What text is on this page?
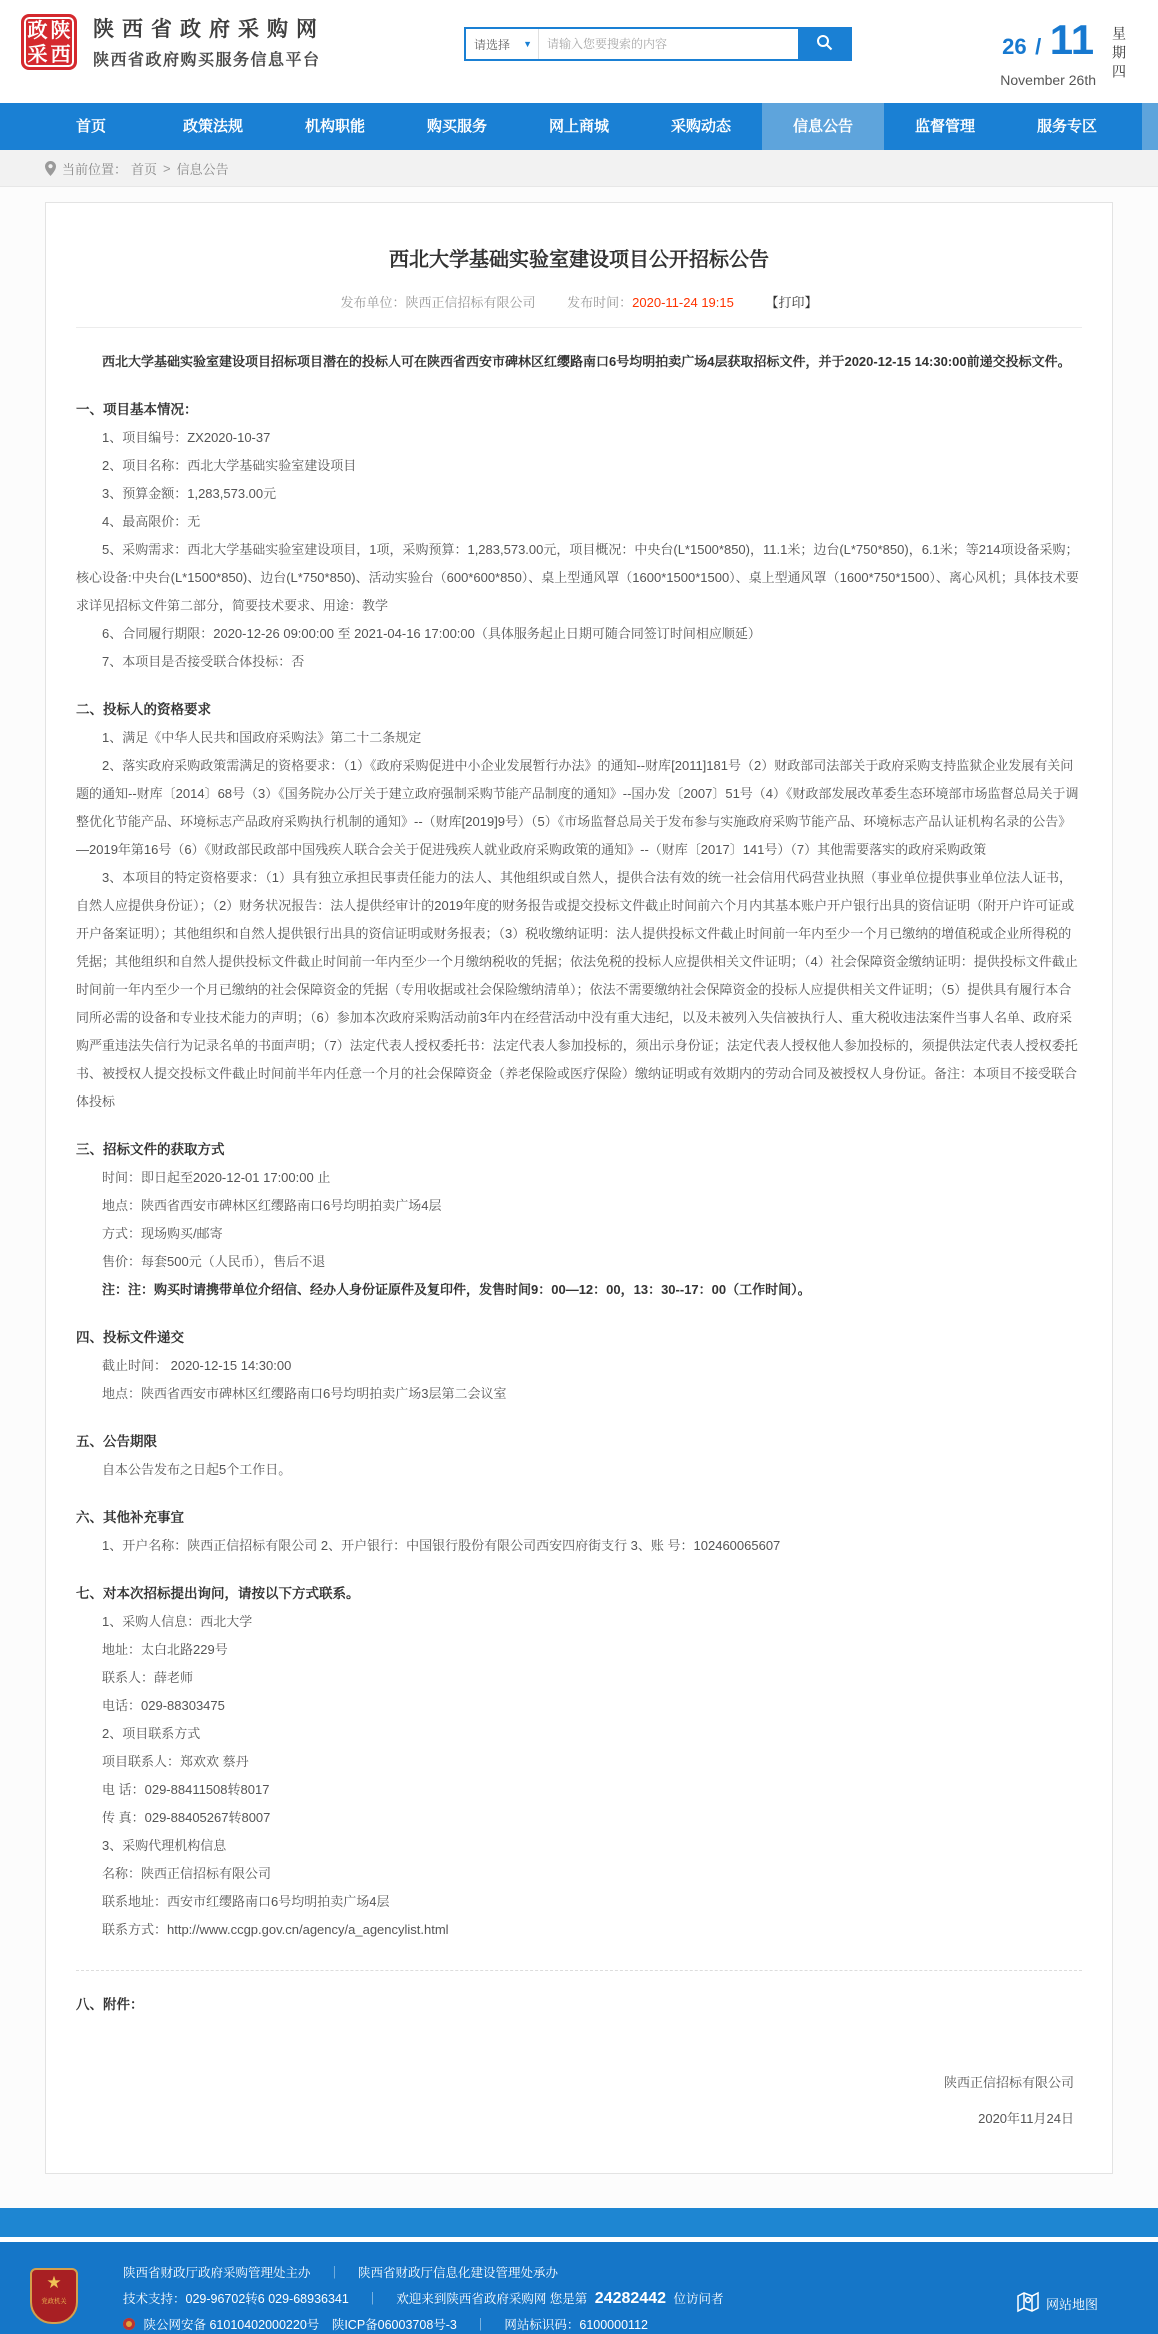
政 陕
采 西
陕西省政府采购网
陕西省政府购买服务信息平台
请选择 ▼
请输入您要搜索的内容	26 / 11
November 26th 星期四
首页	政策法规	机构职能	购买服务	网上商城	采购动态	信息公告	监督管理	服务专区
当前位置： 首页 > 信息公告
西北大学基础实验室建设项目公开招标公告
发布单位：陕西正信招标有限公司 发布时间：2020-11-24 19:15 【打印】

西北大学基础实验室建设项目招标项目潜在的投标人可在陕西省西安市碑林区红缨路南口6号均明拍卖广场4层获取招标文件，并于2020-12-15 14:30:00前递交投标文件。

一、项目基本情况：

1、项目编号：ZX2020-10-37

2、项目名称：西北大学基础实验室建设项目

3、预算金额：1,283,573.00元

4、最高限价：无

5、采购需求：西北大学基础实验室建设项目，1项，采购预算：1,283,573.00元，项目概况：中央台(L*1500*850)，11.1米；边台(L*750*850)，6.1米；等214项设备采购；核心设备:中央台(L*1500*850)、边台(L*750*850)、活动实验台（600*600*850）、桌上型通风罩（1600*1500*1500）、桌上型通风罩（1600*750*1500）、离心风机；具体技术要求详见招标文件第二部分，简要技术要求、用途：教学

6、合同履行期限：2020-12-26 09:00:00 至 2021-04-16 17:00:00（具体服务起止日期可随合同签订时间相应顺延）

7、本项目是否接受联合体投标：否

二、投标人的资格要求

1、满足《中华人民共和国政府采购法》第二十二条规定

2、落实政府采购政策需满足的资格要求：（1）《政府采购促进中小企业发展暂行办法》的通知--财库[2011]181号（2）财政部司法部关于政府采购支持监狱企业发展有关问题的通知--财库〔2014〕68号（3）《国务院办公厅关于建立政府强制采购节能产品制度的通知》--国办发〔2007〕51号（4）《财政部发展改革委生态环境部市场监督总局关于调整优化节能产品、环境标志产品政府采购执行机制的通知》--（财库[2019]9号）（5）《市场监督总局关于发布参与实施政府采购节能产品、环境标志产品认证机构名录的公告》—2019年第16号（6）《财政部民政部中国残疾人联合会关于促进残疾人就业政府采购政策的通知》--（财库〔2017〕141号）（7）其他需要落实的政府采购政策

3、本项目的特定资格要求：（1）具有独立承担民事责任能力的法人、其他组织或自然人，提供合法有效的统一社会信用代码营业执照（事业单位提供事业单位法人证书，自然人应提供身份证）；（2）财务状况报告：法人提供经审计的2019年度的财务报告或提交投标文件截止时间前六个月内其基本账户开户银行出具的资信证明（附开户许可证或开户备案证明）；其他组织和自然人提供银行出具的资信证明或财务报表；（3）税收缴纳证明：法人提供投标文件截止时间前一年内至少一个月已缴纳的增值税或企业所得税的凭据；其他组织和自然人提供投标文件截止时间前一年内至少一个月缴纳税收的凭据；依法免税的投标人应提供相关文件证明；（4）社会保障资金缴纳证明：提供投标文件截止时间前一年内至少一个月已缴纳的社会保障资金的凭据（专用收据或社会保险缴纳清单）；依法不需要缴纳社会保障资金的投标人应提供相关文件证明；（5）提供具有履行本合同所必需的设备和专业技术能力的声明；（6）参加本次政府采购活动前3年内在经营活动中没有重大违纪，以及未被列入失信被执行人、重大税收违法案件当事人名单、政府采购严重违法失信行为记录名单的书面声明；（7）法定代表人授权委托书：法定代表人参加投标的，须出示身份证；法定代表人授权他人参加投标的，须提供法定代表人授权委托书、被授权人提交投标文件截止时间前半年内任意一个月的社会保障资金（养老保险或医疗保险）缴纳证明或有效期内的劳动合同及被授权人身份证。备注：本项目不接受联合体投标

三、招标文件的获取方式

时间：即日起至2020-12-01 17:00:00 止

地点：陕西省西安市碑林区红缨路南口6号均明拍卖广场4层

方式：现场购买/邮寄

售价：每套500元（人民币），售后不退

注：注：购买时请携带单位介绍信、经办人身份证原件及复印件，发售时间9：00—12：00，13：30--17：00（工作时间）。

四、投标文件递交

截止时间： 2020-12-15 14:30:00

地点：陕西省西安市碑林区红缨路南口6号均明拍卖广场3层第二会议室

五、公告期限

自本公告发布之日起5个工作日。

六、其他补充事宜

1、开户名称：陕西正信招标有限公司 2、开户银行：中国银行股份有限公司西安四府街支行 3、账 号：102460065607

七、对本次招标提出询问，请按以下方式联系。

1、采购人信息：西北大学

地址：太白北路229号

联系人：薛老师

电话：029-88303475

2、项目联系方式

项目联系人：郑欢欢 蔡丹

电 话：029-88411508转8017

传 真：029-88405267转8007

3、采购代理机构信息

名称：陕西正信招标有限公司

联系地址：西安市红缨路南口6号均明拍卖广场4层

联系方式：http://www.ccgp.gov.cn/agency/a_agencylist.html

八、附件：

陕西正信招标有限公司

2020年11月24日

★
党政机关
陕西省财政厅政府采购管理处主办 ｜ 陕西省财政厅信息化建设管理处承办
技术支持：029-96702转6 029-68936341 ｜ 欢迎来到陕西省政府采购网 您是第 24282442 位访问者
陕公网安备 61010402000220号　 陕ICP备06003708号-3 ｜ 网站标识码：6100000112
网站地图
